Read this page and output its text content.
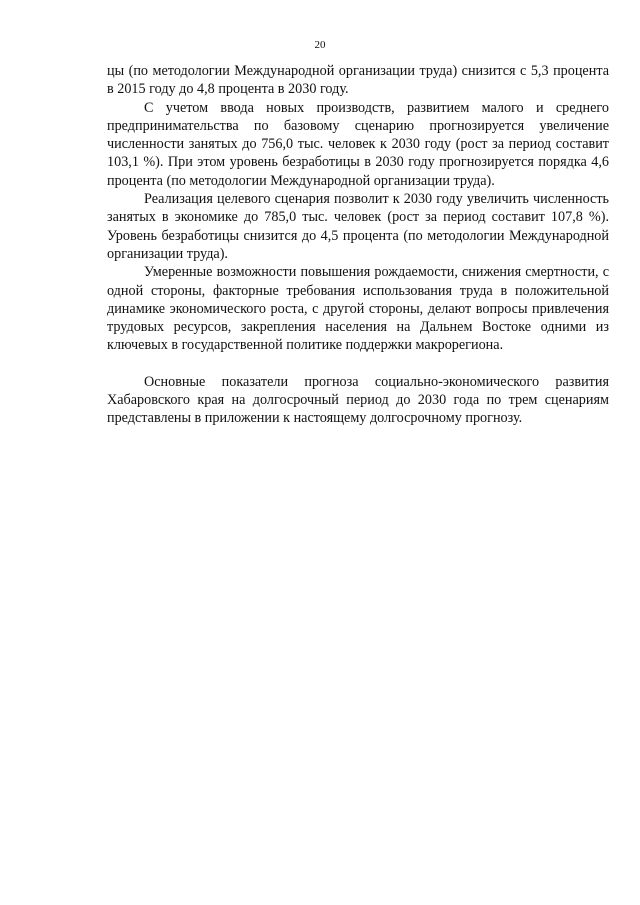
20

цы (по методологии Международной организации труда) снизится с 5,3 процента в 2015 году до 4,8 процента в 2030 году.

С учетом ввода новых производств, развитием малого и среднего предпринимательства по базовому сценарию прогнозируется увеличение численности занятых до 756,0 тыс. человек к 2030 году (рост за период составит 103,1 %). При этом уровень безработицы в 2030 году прогнозируется порядка 4,6 процента (по методологии Международной организации труда).

Реализация целевого сценария позволит к 2030 году увеличить численность занятых в экономике до 785,0 тыс. человек (рост за период составит 107,8 %). Уровень безработицы снизится до 4,5 процента (по методологии Международной организации труда).

Умеренные возможности повышения рождаемости, снижения смертности, с одной стороны, факторные требования использования труда в положительной динамике экономического роста, с другой стороны, делают вопросы привлечения трудовых ресурсов, закрепления населения на Дальнем Востоке одними из ключевых в государственной политике поддержки макрорегиона.

Основные показатели прогноза социально-экономического развития Хабаровского края на долгосрочный период до 2030 года по трем сценариям представлены в приложении к настоящему долгосрочному прогнозу.
